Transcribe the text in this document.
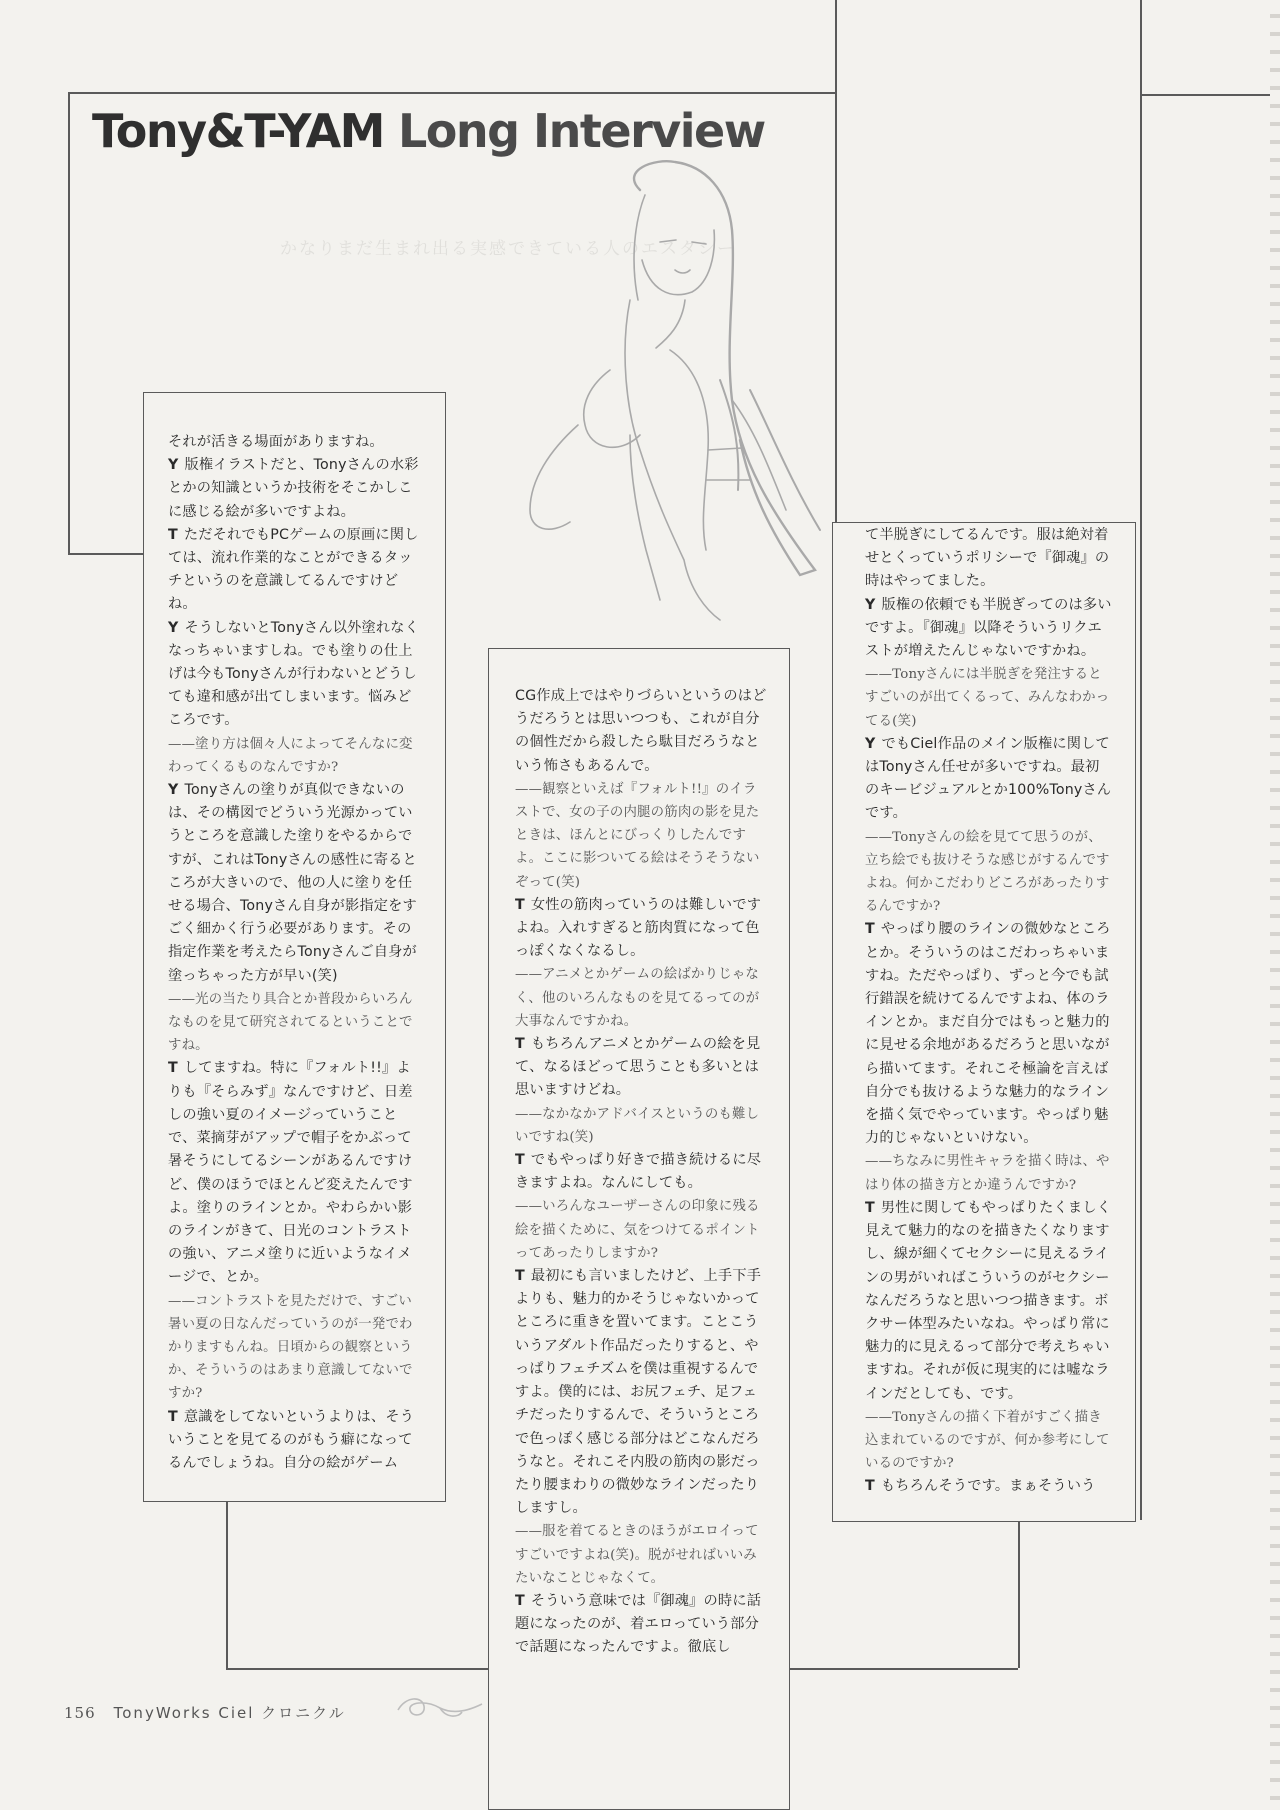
Tony&T-YAM Long Interview
かなりまだ生まれ出る実感できている人のエスタシー

それが活きる場面がありますね。

Y 版権イラストだと、Tonyさんの水彩とかの知識というか技術をそこかしこに感じる絵が多いですよね。

T ただそれでもPCゲームの原画に関しては、流れ作業的なことができるタッチというのを意識してるんですけどね。

Y そうしないとTonyさん以外塗れなくなっちゃいますしね。でも塗りの仕上げは今もTonyさんが行わないとどうしても違和感が出てしまいます。悩みどころです。

——塗り方は個々人によってそんなに変わってくるものなんですか?

Y Tonyさんの塗りが真似できないのは、その構図でどういう光源かっていうところを意識した塗りをやるからですが、これはTonyさんの感性に寄るところが大きいので、他の人に塗りを任せる場合、Tonyさん自身が影指定をすごく細かく行う必要があります。その指定作業を考えたらTonyさんご自身が塗っちゃった方が早い(笑)

——光の当たり具合とか普段からいろんなものを見て研究されてるということですね。

T してますね。特に『フォルト!!』よりも『そらみず』なんですけど、日差しの強い夏のイメージっていうことで、菜摘芽がアップで帽子をかぶって暑そうにしてるシーンがあるんですけど、僕のほうでほとんど変えたんですよ。塗りのラインとか。やわらかい影のラインがきて、日光のコントラストの強い、アニメ塗りに近いようなイメージで、とか。

——コントラストを見ただけで、すごい暑い夏の日なんだっていうのが一発でわかりますもんね。日頃からの観察というか、そういうのはあまり意識してないですか?

T 意識をしてないというよりは、そういうことを見てるのがもう癖になってるんでしょうね。自分の絵がゲーム

CG作成上ではやりづらいというのはどうだろうとは思いつつも、これが自分の個性だから殺したら駄目だろうなという怖さもあるんで。

——観察といえば『フォルト!!』のイラストで、女の子の内腿の筋肉の影を見たときは、ほんとにびっくりしたんですよ。ここに影ついてる絵はそうそうないぞって(笑)

T 女性の筋肉っていうのは難しいですよね。入れすぎると筋肉質になって色っぽくなくなるし。

——アニメとかゲームの絵ばかりじゃなく、他のいろんなものを見てるってのが大事なんですかね。

T もちろんアニメとかゲームの絵を見て、なるほどって思うことも多いとは思いますけどね。

——なかなかアドバイスというのも難しいですね(笑)

T でもやっぱり好きで描き続けるに尽きますよね。なんにしても。

——いろんなユーザーさんの印象に残る絵を描くために、気をつけてるポイントってあったりしますか?

T 最初にも言いましたけど、上手下手よりも、魅力的かそうじゃないかってところに重きを置いてます。ことこういうアダルト作品だったりすると、やっぱりフェチズムを僕は重視するんですよ。僕的には、お尻フェチ、足フェチだったりするんで、そういうところで色っぽく感じる部分はどこなんだろうなと。それこそ内股の筋肉の影だったり腰まわりの微妙なラインだったりしますし。

——服を着てるときのほうがエロイってすごいですよね(笑)。脱がせればいいみたいなことじゃなくて。

T そういう意味では『御魂』の時に話題になったのが、着エロっていう部分で話題になったんですよ。徹底し

て半脱ぎにしてるんです。服は絶対着せとくっていうポリシーで『御魂』の時はやってました。

Y 版権の依頼でも半脱ぎってのは多いですよ。『御魂』以降そういうリクエストが増えたんじゃないですかね。

——Tonyさんには半脱ぎを発注するとすごいのが出てくるって、みんなわかってる(笑)

Y でもCiel作品のメイン版権に関してはTonyさん任せが多いですね。最初のキービジュアルとか100%Tonyさんです。

——Tonyさんの絵を見てて思うのが、立ち絵でも抜けそうな感じがするんですよね。何かこだわりどころがあったりするんですか?

T やっぱり腰のラインの微妙なところとか。そういうのはこだわっちゃいますね。ただやっぱり、ずっと今でも試行錯誤を続けてるんですよね、体のラインとか。まだ自分ではもっと魅力的に見せる余地があるだろうと思いながら描いてます。それこそ極論を言えば自分でも抜けるような魅力的なラインを描く気でやっています。やっぱり魅力的じゃないといけない。

——ちなみに男性キャラを描く時は、やはり体の描き方とか違うんですか?

T 男性に関してもやっぱりたくましく見えて魅力的なのを描きたくなりますし、線が細くてセクシーに見えるラインの男がいればこういうのがセクシーなんだろうなと思いつつ描きます。ボクサー体型みたいなね。やっぱり常に魅力的に見えるって部分で考えちゃいますね。それが仮に現実的には嘘なラインだとしても、です。

——Tonyさんの描く下着がすごく描き込まれているのですが、何か参考にしているのですか?

T もちろんそうです。まぁそういう

156 TonyWorks Ciel クロニクル
